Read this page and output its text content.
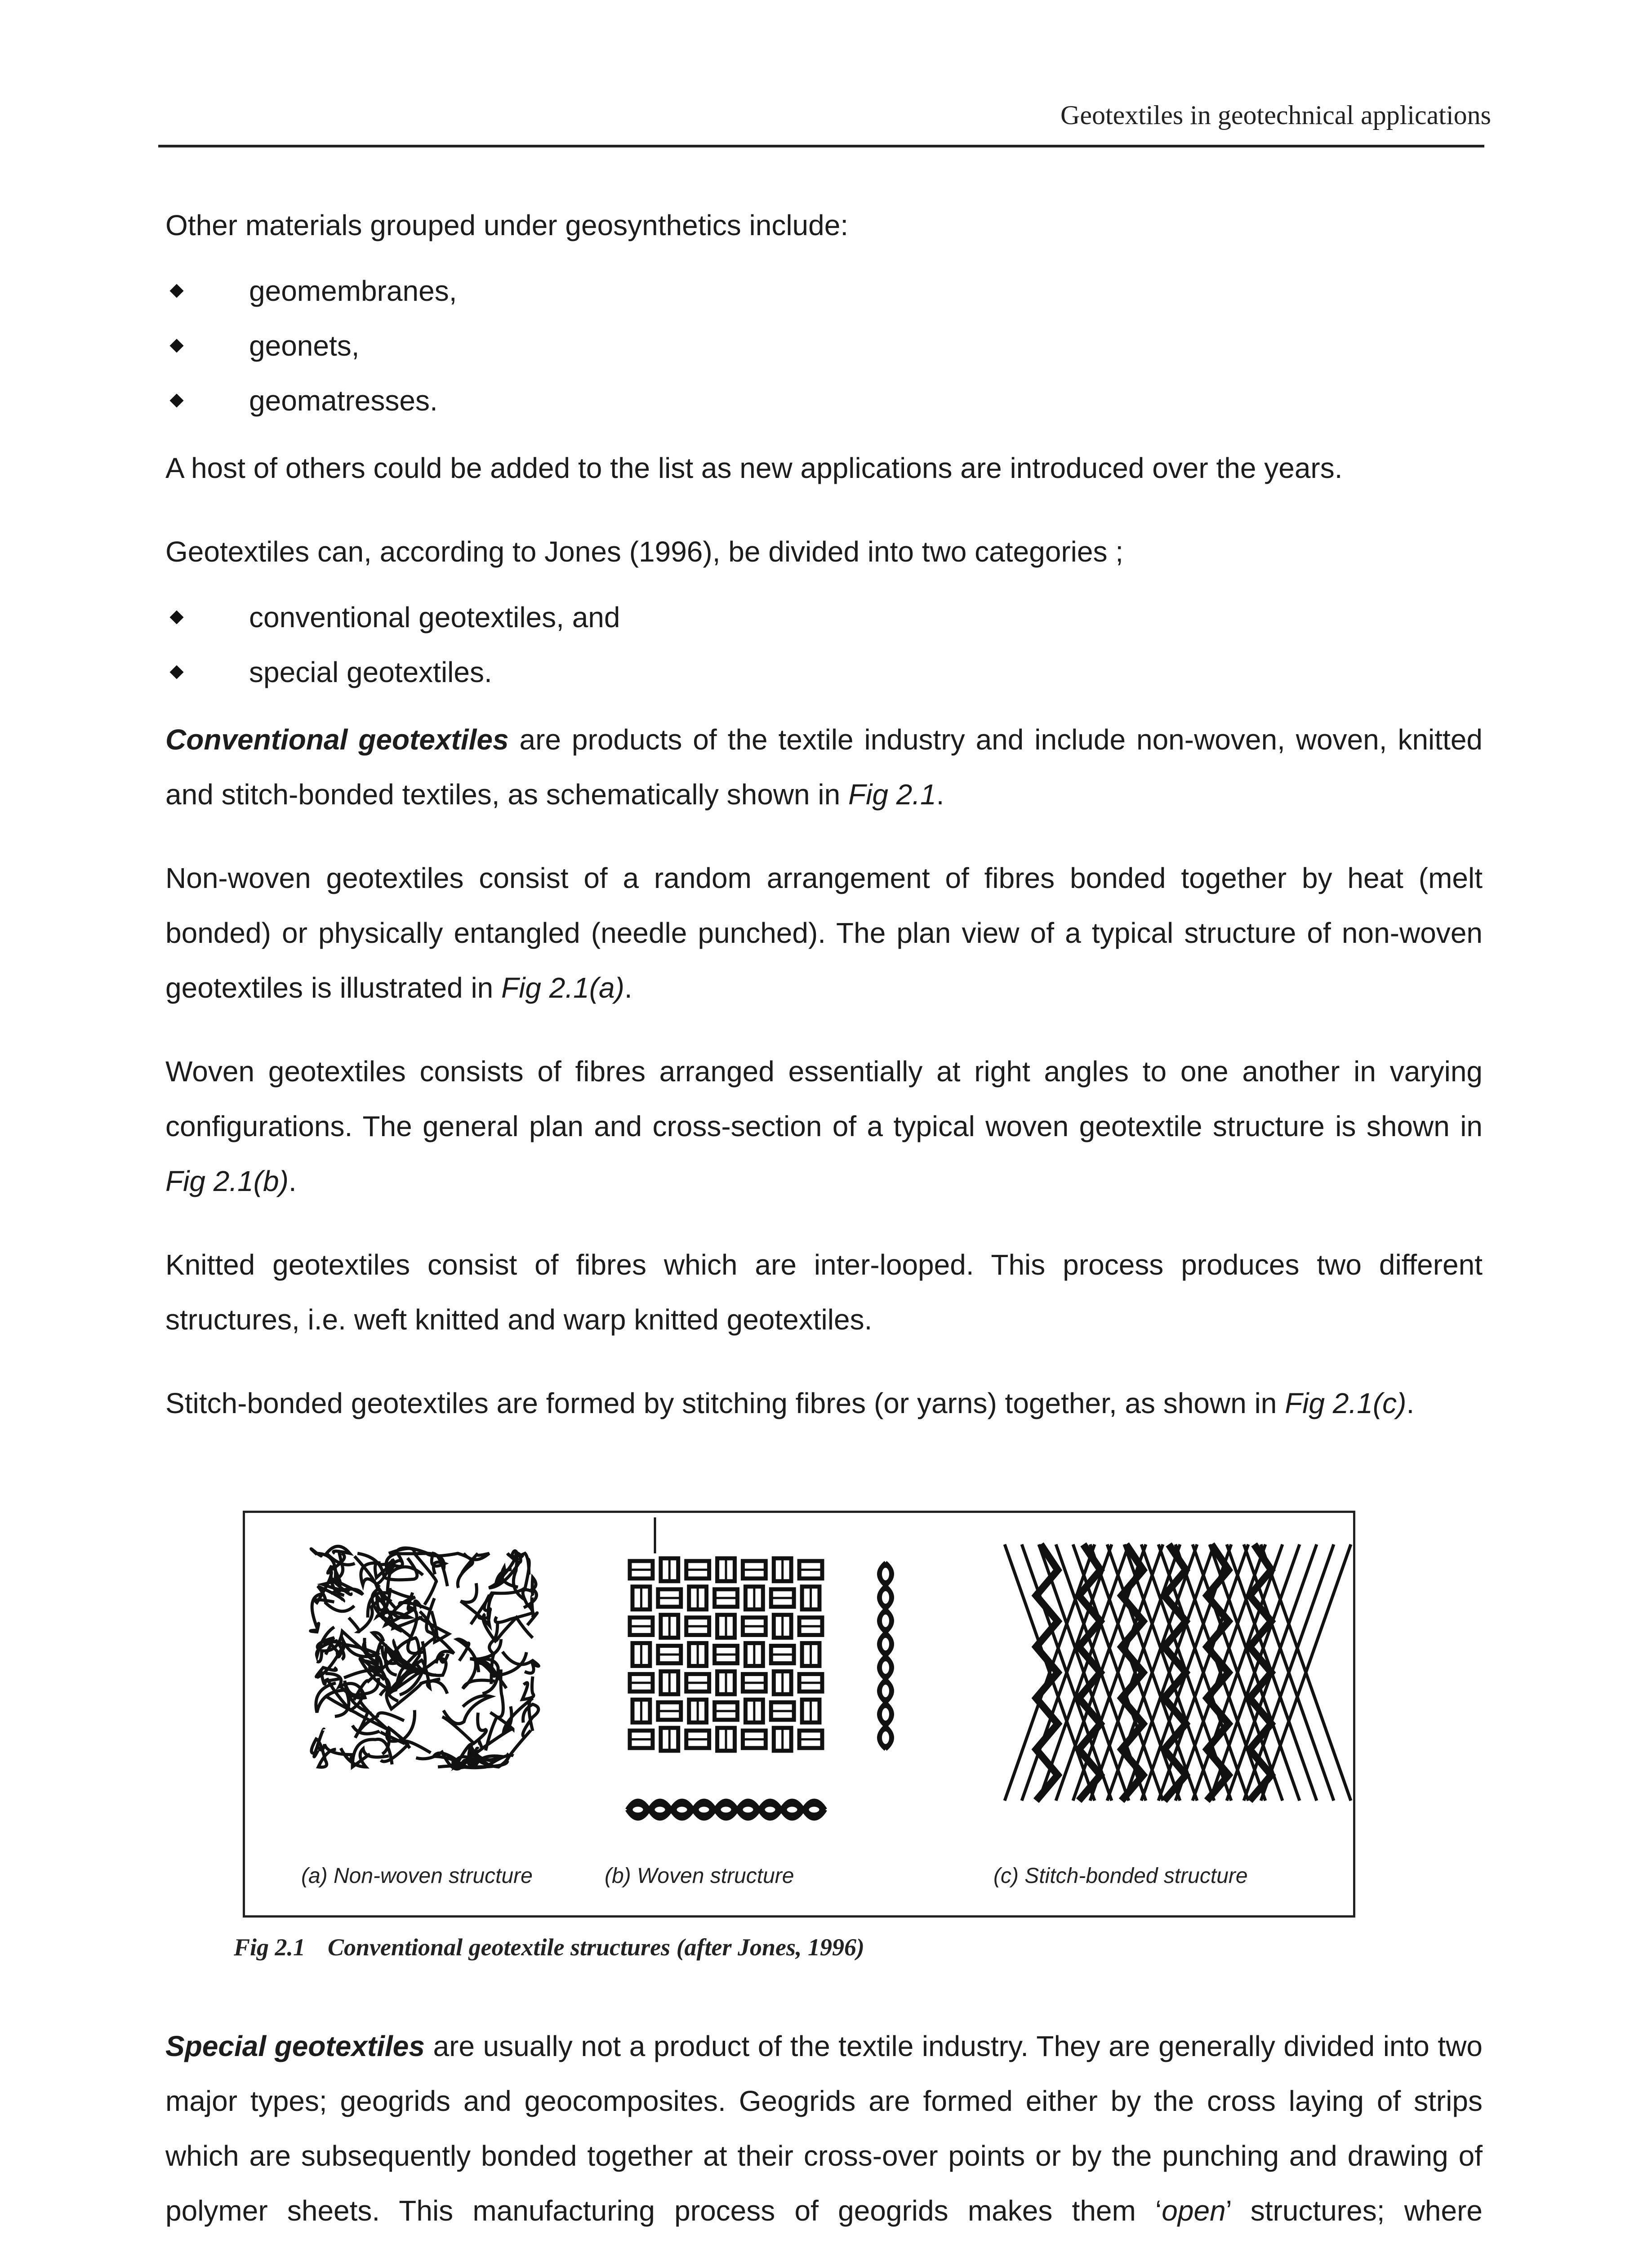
Geotextiles in geotechnical applications

Other materials grouped under geosynthetics include:

geomembranes,
geonets,
geomatresses.

A host of others could be added to the list as new applications are introduced over the years.

Geotextiles can, according to Jones (1996), be divided into two categories ;

conventional geotextiles, and
special geotextiles.

Conventional geotextiles are products of the textile industry and include non-woven, woven, knitted and stitch-bonded textiles, as schematically shown in Fig 2.1.

Non-woven geotextiles consist of a random arrangement of fibres bonded together by heat (melt bonded) or physically entangled (needle punched). The plan view of a typical structure of non-woven geotextiles is illustrated in Fig 2.1(a).

Woven geotextiles consists of fibres arranged essentially at right angles to one another in varying configurations. The general plan and cross-section of a typical woven geotextile structure is shown in Fig 2.1(b).

Knitted geotextiles consist of fibres which are inter-looped. This process produces two different structures, i.e. weft knitted and warp knitted geotextiles.

Stitch-bonded geotextiles are formed by stitching fibres (or yarns) together, as shown in Fig 2.1(c).

(a) Non-woven structure	(b) Woven structure	(c) Stitch-bonded structure
Fig 2.1 Conventional geotextile structures (after Jones, 1996)

Special geotextiles are usually not a product of the textile industry. They are generally divided into two major types; geogrids and geocomposites. Geogrids are formed either by the cross laying of strips which are subsequently bonded together at their cross-over points or by the punching and drawing of polymer sheets. This manufacturing process of geogrids makes them ‘open’ structures; where
